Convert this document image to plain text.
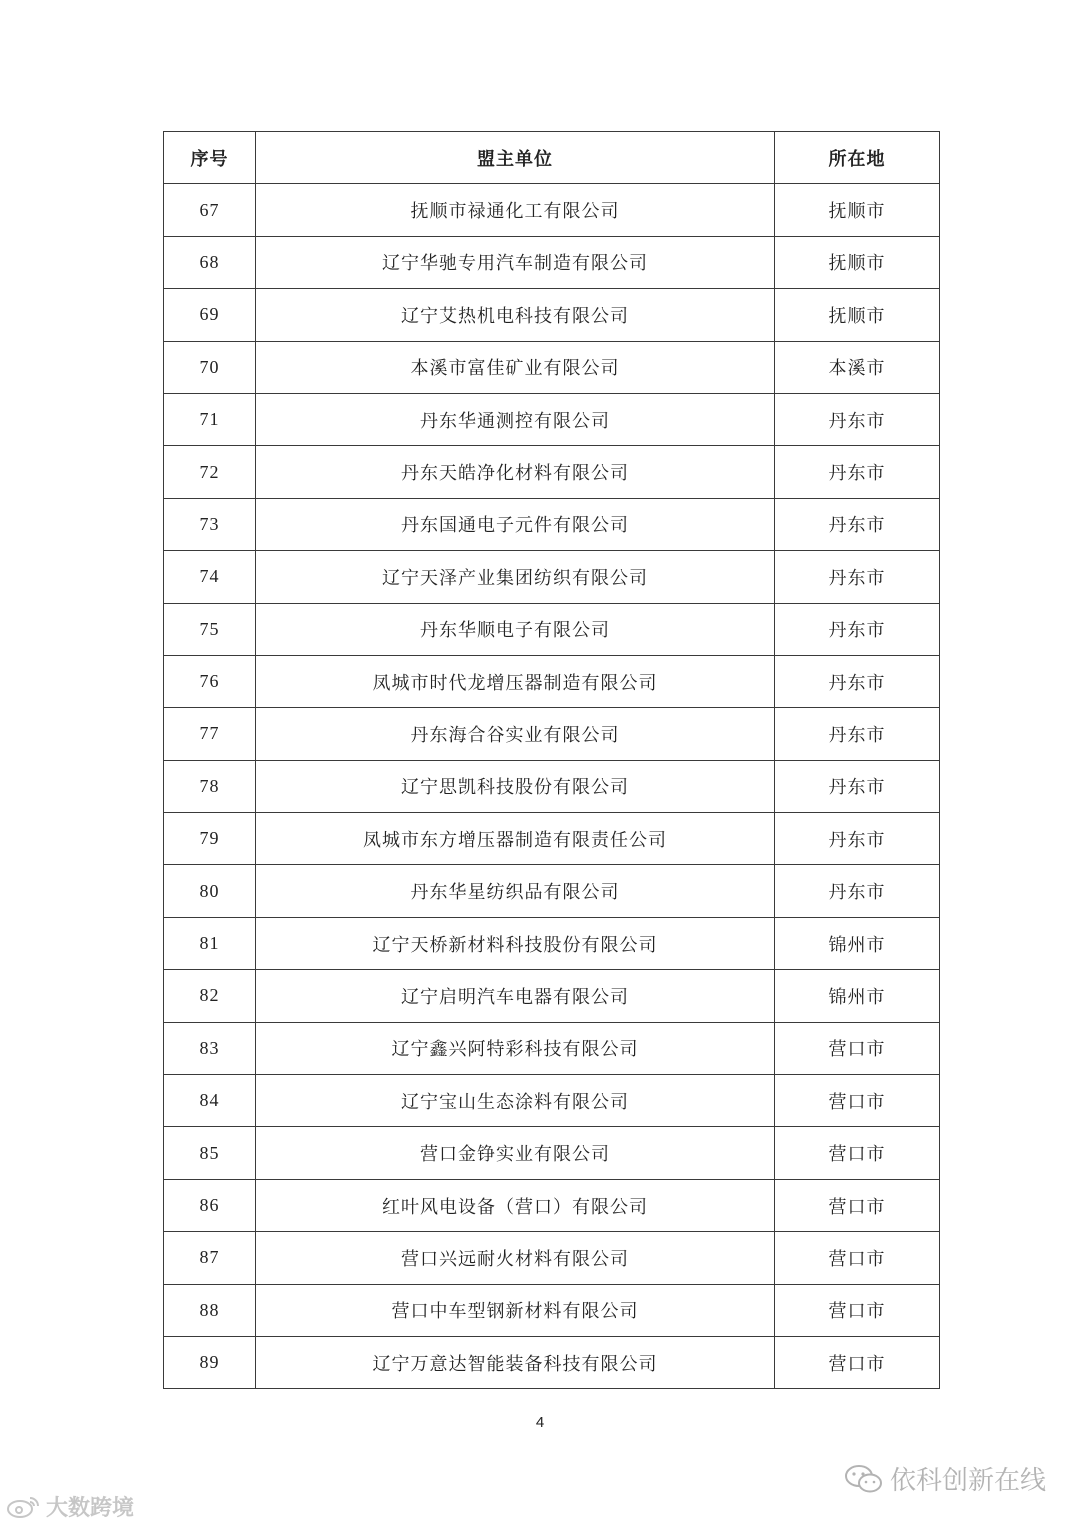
序号	盟主单位	所在地
67	抚顺市禄通化工有限公司	抚顺市
68	辽宁华驰专用汽车制造有限公司	抚顺市
69	辽宁艾热机电科技有限公司	抚顺市
70	本溪市富佳矿业有限公司	本溪市
71	丹东华通测控有限公司	丹东市
72	丹东天皓净化材料有限公司	丹东市
73	丹东国通电子元件有限公司	丹东市
74	辽宁天泽产业集团纺织有限公司	丹东市
75	丹东华顺电子有限公司	丹东市
76	凤城市时代龙增压器制造有限公司	丹东市
77	丹东海合谷实业有限公司	丹东市
78	辽宁思凯科技股份有限公司	丹东市
79	凤城市东方增压器制造有限责任公司	丹东市
80	丹东华星纺织品有限公司	丹东市
81	辽宁天桥新材料科技股份有限公司	锦州市
82	辽宁启明汽车电器有限公司	锦州市
83	辽宁鑫兴阿特彩科技有限公司	营口市
84	辽宁宝山生态涂料有限公司	营口市
85	营口金铮实业有限公司	营口市
86	红叶风电设备（营口）有限公司	营口市
87	营口兴远耐火材料有限公司	营口市
88	营口中车型钢新材料有限公司	营口市
89	辽宁万意达智能装备科技有限公司	营口市
4
依科创新在线
大数跨境
